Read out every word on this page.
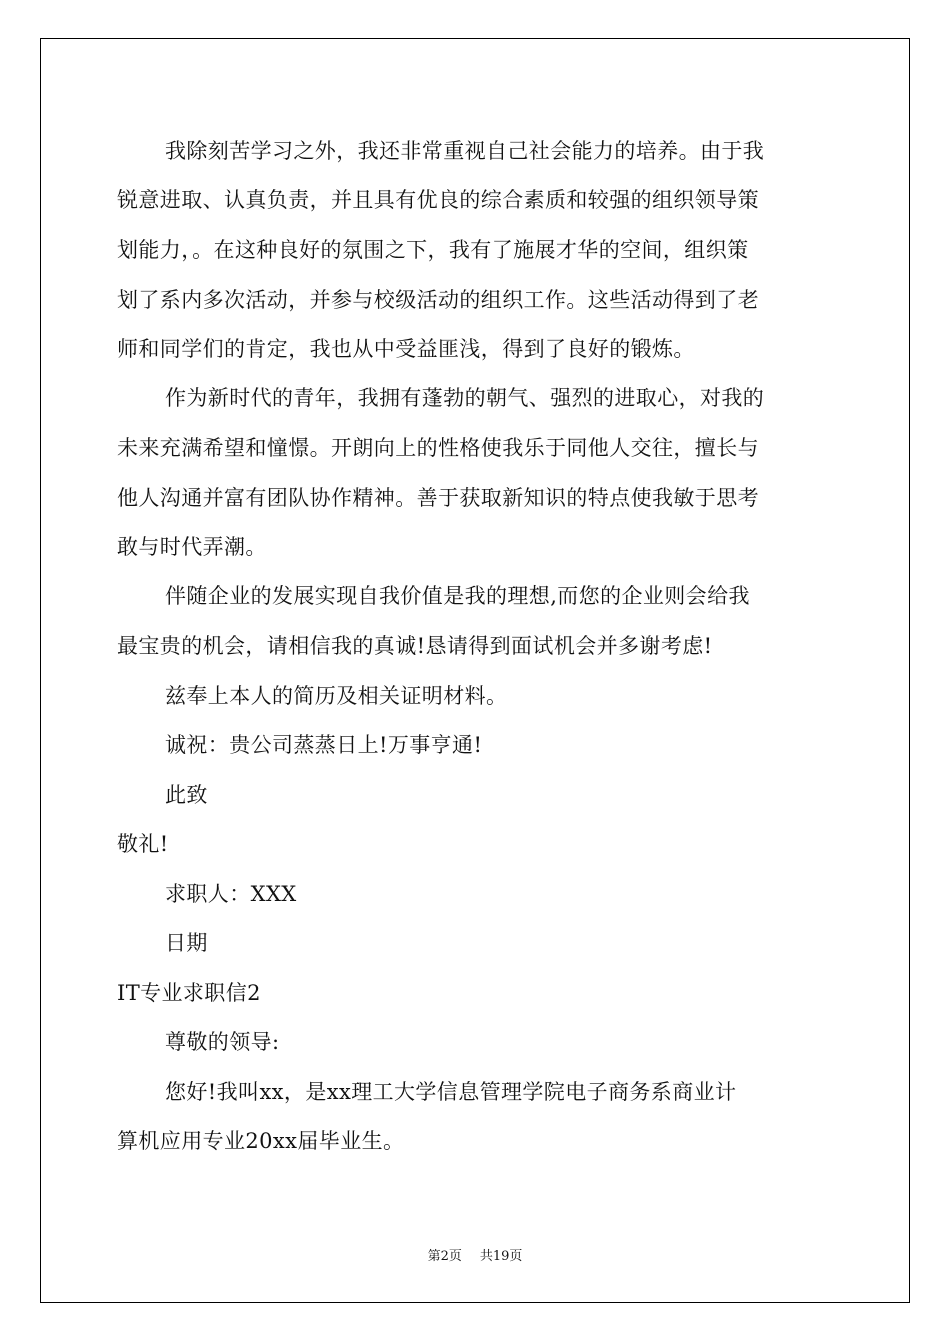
我除刻苦学习之外，我还非常重视自己社会能力的培养。由于我
锐意进取、认真负责，并且具有优良的综合素质和较强的组织领导策
划能力，。在这种良好的氛围之下，我有了施展才华的空间，组织策
划了系内多次活动，并参与校级活动的组织工作。这些活动得到了老
师和同学们的肯定，我也从中受益匪浅，得到了良好的锻炼。
作为新时代的青年，我拥有蓬勃的朝气、强烈的进取心，对我的
未来充满希望和憧憬。开朗向上的性格使我乐于同他人交往，擅长与
他人沟通并富有团队协作精神。善于获取新知识的特点使我敏于思考
敢与时代弄潮。
伴随企业的发展实现自我价值是我的理想,而您的企业则会给我
最宝贵的机会，请相信我的真诚!恳请得到面试机会并多谢考虑!
兹奉上本人的简历及相关证明材料。
诚祝：贵公司蒸蒸日上!万事亨通!
此致
敬礼!
求职人：XXX
日期
IT专业求职信2
尊敬的领导:
您好!我叫xx，是xx理工大学信息管理学院电子商务系商业计
算机应用专业20xx届毕业生。
第2页 共19页
